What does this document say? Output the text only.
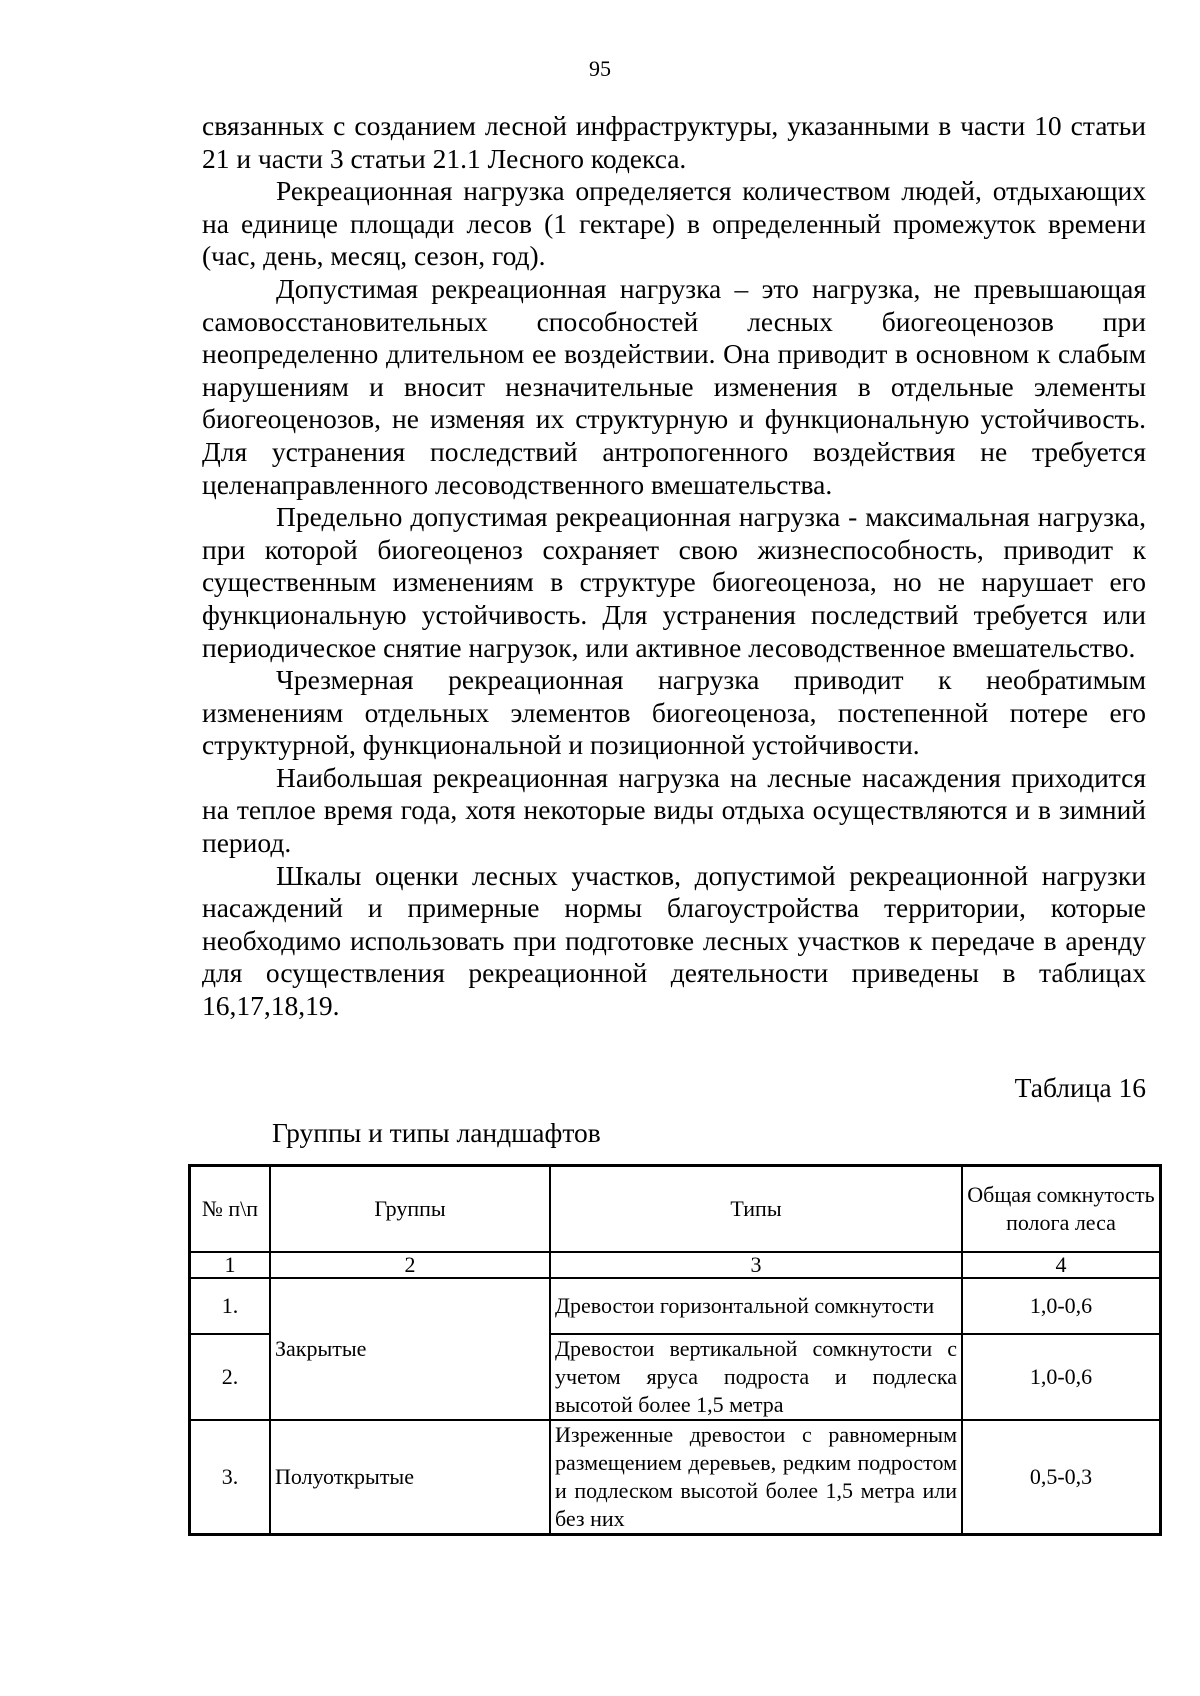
95

связанных с созданием лесной инфраструктуры, указанными в части 10 статьи 21 и части 3 статьи 21.1 Лесного кодекса.

Рекреационная нагрузка определяется количеством людей, отдыхающих на единице площади лесов (1 гектаре) в определенный промежуток времени (час, день, месяц, сезон, год).

Допустимая рекреационная нагрузка – это нагрузка, не превышающая самовосстановительных способностей лесных биогеоценозов при неопределенно длительном ее воздействии. Она приводит в основном к слабым нарушениям и вносит незначительные изменения в отдельные элементы биогеоценозов, не изменяя их структурную и функциональную устойчивость. Для устранения последствий антропогенного воздействия не требуется целенаправленного лесоводственного вмешательства.

Предельно допустимая рекреационная нагрузка - максимальная нагрузка, при которой биогеоценоз сохраняет свою жизнеспособность, приводит к существенным изменениям в структуре биогеоценоза, но не нарушает его функциональную устойчивость. Для устранения последствий требуется или периодическое снятие нагрузок, или активное лесоводственное вмешательство.

Чрезмерная рекреационная нагрузка приводит к необратимым изменениям отдельных элементов биогеоценоза, постепенной потере его структурной, функциональной и позиционной устойчивости.

Наибольшая рекреационная нагрузка на лесные насаждения приходится на теплое время года, хотя некоторые виды отдыха осуществляются и в зимний период.

Шкалы оценки лесных участков, допустимой рекреационной нагрузки насаждений и примерные нормы благоустройства территории, которые необходимо использовать при подготовке лесных участков к передаче в аренду для осуществления рекреационной деятельности приведены в таблицах 16,17,18,19.

Таблица 16
Группы и типы ландшафтов
№ п\п	Группы	Типы	Общая сомкнутость полога леса
1	2	3	4
1.	Закрытые	Древостои горизонтальной сомкнутости	1,0-0,6
2.		Древостои вертикальной сомкнутости с учетом яруса подроста и подлеска высотой более 1,5 метра	1,0-0,6
3.	Полуоткрытые	Изреженные древостои с равномерным размещением деревьев, редким подростом и подлеском высотой более 1,5 метра или без них	0,5-0,3
